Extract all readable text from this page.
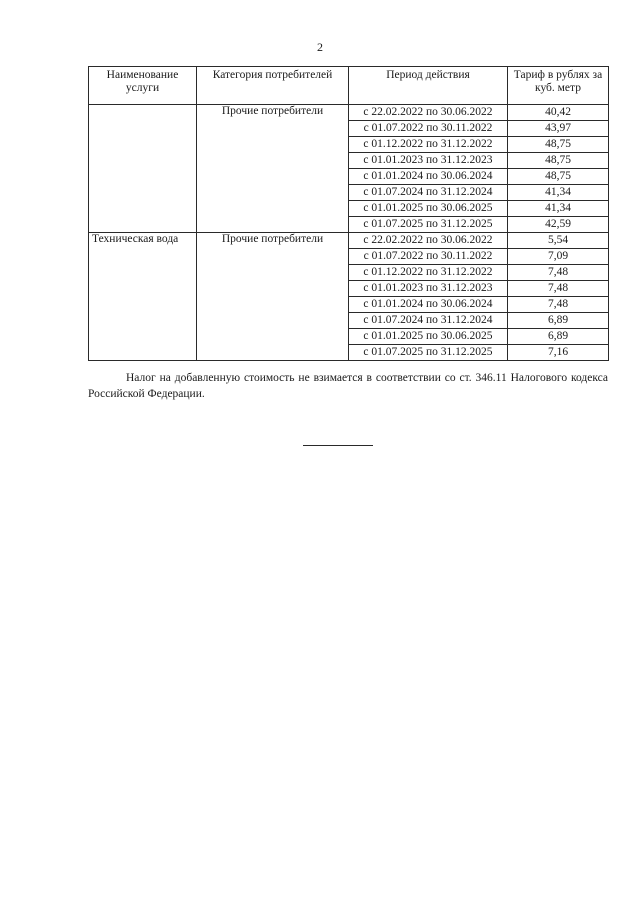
2
Наименование услуги	Категория потребителей	Период действия	Тариф в рублях за куб. метр
	Прочие потребители	с 22.02.2022 по 30.06.2022	40,42
		с 01.07.2022 по 30.11.2022	43,97
		с 01.12.2022 по 31.12.2022	48,75
		с 01.01.2023 по 31.12.2023	48,75
		с 01.01.2024 по 30.06.2024	48,75
		с 01.07.2024 по 31.12.2024	41,34
		с 01.01.2025 по 30.06.2025	41,34
		с 01.07.2025 по 31.12.2025	42,59
Техническая вода	Прочие потребители	с 22.02.2022 по 30.06.2022	5,54
		с 01.07.2022 по 30.11.2022	7,09
		с 01.12.2022 по 31.12.2022	7,48
		с 01.01.2023 по 31.12.2023	7,48
		с 01.01.2024 по 30.06.2024	7,48
		с 01.07.2024 по 31.12.2024	6,89
		с 01.01.2025 по 30.06.2025	6,89
		с 01.07.2025 по 31.12.2025	7,16

Налог на добавленную стоимость не взимается в соответствии со ст. 346.11 Налогового кодекса Российской Федерации.
